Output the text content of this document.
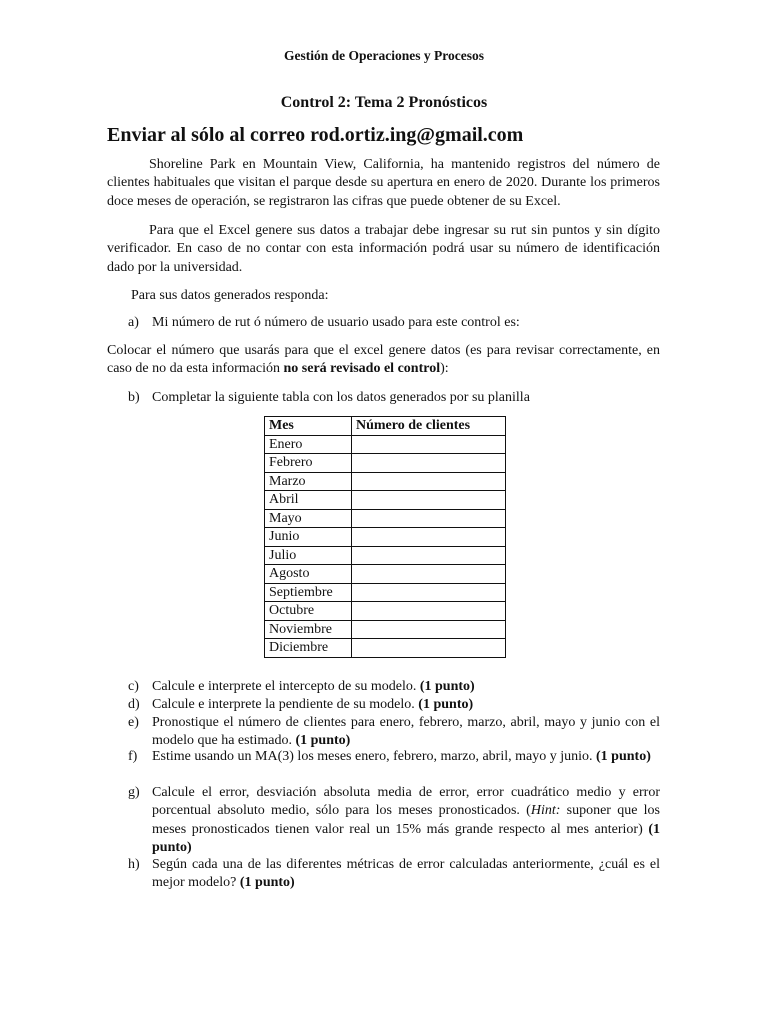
Gestión de Operaciones y Procesos
Control 2: Tema 2 Pronósticos
Enviar al sólo al correo rod.ortiz.ing@gmail.com

Shoreline Park en Mountain View, California, ha mantenido registros del número de clientes habituales que visitan el parque desde su apertura en enero de 2020. Durante los primeros doce meses de operación, se registraron las cifras que puede obtener de su Excel.

Para que el Excel genere sus datos a trabajar debe ingresar su rut sin puntos y sin dígito verificador. En caso de no contar con esta información podrá usar su número de identificación dado por la universidad.

Para sus datos generados responda:

a) Mi número de rut ó número de usuario usado para este control es:

Colocar el número que usarás para que el excel genere datos (es para revisar correctamente, en caso de no da esta información no será revisado el control):

b) Completar la siguiente tabla con los datos generados por su planilla
Mes	Número de clientes
Enero	
Febrero	
Marzo	
Abril	
Mayo	
Junio	
Julio	
Agosto	
Septiembre	
Octubre	
Noviembre	
Diciembre	
c) Calcule e interprete el intercepto de su modelo. (1 punto)
d) Calcule e interprete la pendiente de su modelo. (1 punto)
e) Pronostique el número de clientes para enero, febrero, marzo, abril, mayo y junio con el modelo que ha estimado. (1 punto)
f) Estime usando un MA(3) los meses enero, febrero, marzo, abril, mayo y junio. (1 punto)
g) Calcule el error, desviación absoluta media de error, error cuadrático medio y error porcentual absoluto medio, sólo para los meses pronosticados. (Hint: suponer que los meses pronosticados tienen valor real un 15% más grande respecto al mes anterior) (1 punto)
h) Según cada una de las diferentes métricas de error calculadas anteriormente, ¿cuál es el mejor modelo? (1 punto)
